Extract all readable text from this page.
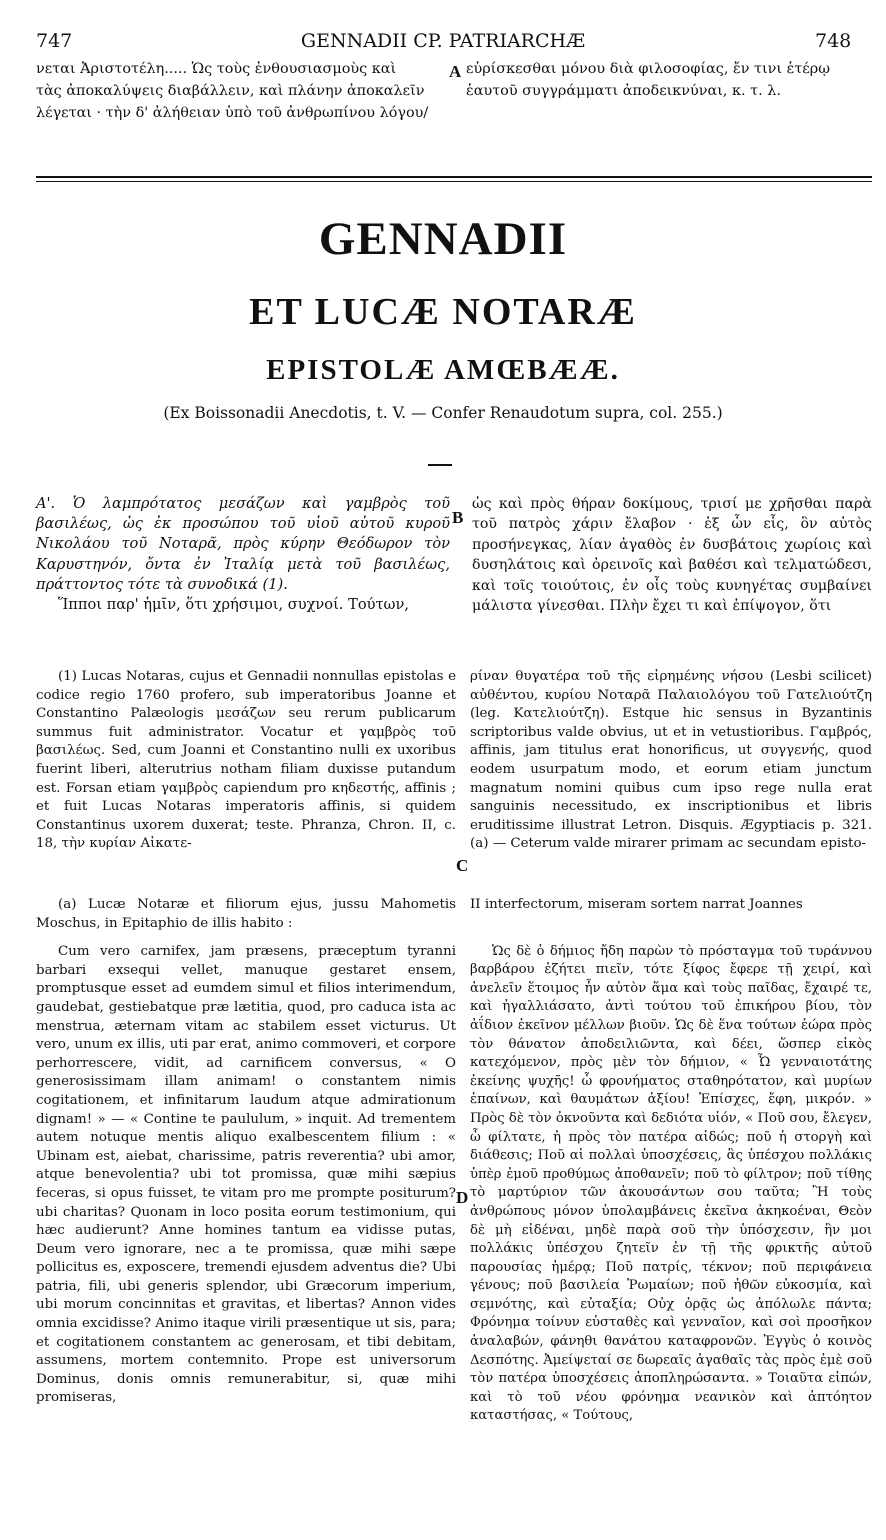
747	GENNADII CP. PATRIARCHÆ	748

νεται Ἀριστοτέλη..... Ὡς τοὺς ἐνθουσιασμοὺς καὶ

τὰς ἀποκαλύψεις διαβάλλειν, καὶ πλάνην ἀποκαλεῖν

λέγεται · τὴν δ' ἀλήθειαν ὑπὸ τοῦ ἀνθρωπίνου λόγου/

A εὑρίσκεσθαι μόνου διὰ φιλοσοφίας, ἔν τινι ἑτέρῳ

ἑαυτοῦ συγγράμματι ἀποδεικνύναι, κ. τ. λ.

GENNADII
ET LUCÆ NOTARÆ
EPISTOLÆ AMŒBÆÆ.
(Ex Boissonadii Anecdotis, t. V. — Confer Renaudotum supra, col. 255.)

Α'. Ὁ λαμπρότατος μεσάζων καὶ γαμβρὸς τοῦ βασιλέως, ὡς ἐκ προσώπου τοῦ υἱοῦ αὐτοῦ κυροῦ Νικολάου τοῦ Νοταρᾶ, πρὸς κύρην Θεόδωρον τὸν Καρυστηνόν, ὄντα ἐν Ἰταλίᾳ μετὰ τοῦ βασιλέως, πράττοντος τότε τὰ συνοδικά (1).

Ἵπποι παρ' ἡμῖν, ὅτι χρήσιμοι, συχνοί. Τούτων,

B

ὡς καὶ πρὸς θήραν δοκίμους, τρισί με χρῆσθαι παρὰ τοῦ πατρὸς χάριν ἔλαβον · ἐξ ὧν εἷς, ὃν αὐτὸς προσήνεγκας, λίαν ἀγαθὸς ἐν δυσβάτοις χωρίοις καὶ δυσηλάτοις καὶ ὀρεινοῖς καὶ βαθέσι καὶ τελματώδεσι, καὶ τοῖς τοιούτοις, ἐν οἷς τοὺς κυνηγέτας συμβαίνει μάλιστα γίνεσθαι. Πλὴν ἔχει τι καὶ ἐπίψογον, ὅτι

(1) Lucas Notaras, cujus et Gennadii nonnullas epistolas e codice regio 1760 profero, sub imperatoribus Joanne et Constantino Palæologis μεσάζων seu rerum publicarum summus fuit administrator. Vocatur et γαμβρὸς τοῦ βασιλέως. Sed, cum Joanni et Constantino nulli ex uxoribus fuerint liberi, alterutrius notham filiam duxisse putandum est. Forsan etiam γαμβρὸς capiendum pro κηδεστής, affinis ; et fuit Lucas Notaras imperatoris affinis, si quidem Constantinus uxorem duxerat; teste. Phranza, Chron. II, c. 18, τὴν κυρίαν Αἰκατε-

ρίναν θυγατέρα τοῦ τῆς εἰρημένης νήσου (Lesbi scilicet) αὐθέντου, κυρίου Νοταρᾶ Παλαιολόγου τοῦ Γατελιούτζη (leg. Κατελιούτζη). Estque hic sensus in Byzantinis scriptoribus valde obvius, ut et in vetustioribus. Γαμβρός, affinis, jam titulus erat honorificus, ut συγγενής, quod eodem usurpatum modo, et eorum etiam junctum magnatum nomini quibus cum ipso rege nulla erat sanguinis necessitudo, ex inscriptionibus et libris eruditissime illustrat Letron. Disquis. Ægyptiacis p. 321. (a) — Ceterum valde mirarer primam ac secundam episto-

C

(a) Lucæ Notaræ et filiorum ejus, jussu Mahometis Moschus, in Epitaphio de illis habito :

Cum vero carnifex, jam præsens, præceptum tyranni barbari exsequi vellet, manuque gestaret ensem, promptusque esset ad eumdem simul et filios interimendum, gaudebat, gestiebatque præ lætitia, quod, pro caduca ista ac menstrua, æternam vitam ac stabilem esset victurus. Ut vero, unum ex illis, uti par erat, animo commoveri, et corpore perhorrescere, vidit, ad carnificem conversus, « O generosissimam illam animam! o constantem nimis cogitationem, et infinitarum laudum atque admirationum dignam! » — « Contine te paululum, » inquit. Ad trementem autem notuque mentis aliquo exalbescentem filium : « Ubinam est, aiebat, charissime, patris reverentia? ubi amor, atque benevolentia? ubi tot promissa, quæ mihi sæpius feceras, si opus fuisset, te vitam pro me prompte positurum? ubi charitas? Quonam in loco posita eorum testimonium, qui hæc audierunt? Anne homines tantum ea vidisse putas, Deum vero ignorare, nec a te promissa, quæ mihi sæpe pollicitus es, exposcere, tremendi ejusdem adventus die? Ubi patria, fili, ubi generis splendor, ubi Græcorum imperium, ubi morum concinnitas et gravitas, et libertas? Annon vides omnia excidisse? Animo itaque virili præsentique ut sis, para; et cogitationem constantem ac generosam, et tibi debitam, assumens, mortem contemnito. Prope est universorum Dominus, donis omnis remunerabitur, si, quæ mihi promiseras,

II interfectorum, miseram sortem narrat Joannes

Ὡς δὲ ὁ δήμιος ἤδη παρὼν τὸ πρόσταγμα τοῦ τυράννου βαρβάρου ἐζήτει πιεῖν, τότε ξίφος ἔφερε τῇ χειρί, καὶ ἀνελεῖν ἕτοιμος ἦν αὐτὸν ἅμα καὶ τοὺς παῖδας, ἔχαιρέ τε, καὶ ἠγαλλιάσατο, ἀντὶ τούτου τοῦ ἐπικήρου βίου, τὸν ἀΐδιον ἐκεῖνον μέλλων βιοῦν. Ὡς δὲ ἕνα τούτων ἑώρα πρὸς τὸν θάνατον ἀποδειλιῶντα, καὶ δέει, ὥσπερ εἰκὸς κατεχόμενον, πρὸς μὲν τὸν δήμιον, « Ὦ γενναιοτάτης ἐκείνης ψυχῆς! ὦ φρονήματος σταθηρότατον, καὶ μυρίων ἐπαίνων, καὶ θαυμάτων ἀξίου! Ἐπίσχες, ἔφη, μικρόν. » Πρὸς δὲ τὸν ὀκνοῦντα καὶ δεδιότα υἱόν, « Ποῦ σου, ἔλεγεν, ὦ φίλτατε, ἡ πρὸς τὸν πατέρα αἰδώς; ποῦ ἡ στοργὴ καὶ διάθεσις; Ποῦ αἱ πολλαὶ ὑποσχέσεις, ἃς ὑπέσχου πολλάκις ὑπὲρ ἐμοῦ προθύμως ἀποθανεῖν; ποῦ τὸ φίλτρον; ποῦ τίθης τὸ μαρτύριον τῶν ἀκουσάντων σου ταῦτα; Ἢ τοὺς ἀνθρώπους μόνον ὑπολαμβάνεις ἐκεῖνα ἀκηκοέναι, Θεὸν δὲ μὴ εἰδέναι, μηδὲ παρὰ σοῦ τὴν ὑπόσχεσιν, ἣν μοι πολλάκις ὑπέσχου ζητεῖν ἐν τῇ τῆς φρικτῆς αὐτοῦ παρουσίας ἡμέρᾳ; Ποῦ πατρίς, τέκνον; ποῦ περιφάνεια γένους; ποῦ βασιλεία Ῥωμαίων; ποῦ ἠθῶν εὐκοσμία, καὶ σεμνότης, καὶ εὐταξία; Οὐχ ὁρᾷς ὡς ἀπόλωλε πάντα; Φρόνημα τοίνυν εὐσταθὲς καὶ γενναῖον, καὶ σοὶ προσῆκον ἀναλαβών, φάνηθι θανάτου καταφρονῶν. Ἐγγὺς ὁ κοινὸς Δεσπότης. Ἀμείψεταί σε δωρεαῖς ἀγαθαῖς τὰς πρὸς ἐμὲ σοῦ τὸν πατέρα ὑποσχέσεις ἀποπληρώσαντα. » Τοιαῦτα εἰπών, καὶ τὸ τοῦ νέου φρόνημα νεανικὸν καὶ ἀπτόητον καταστήσας, « Τούτους,

D
